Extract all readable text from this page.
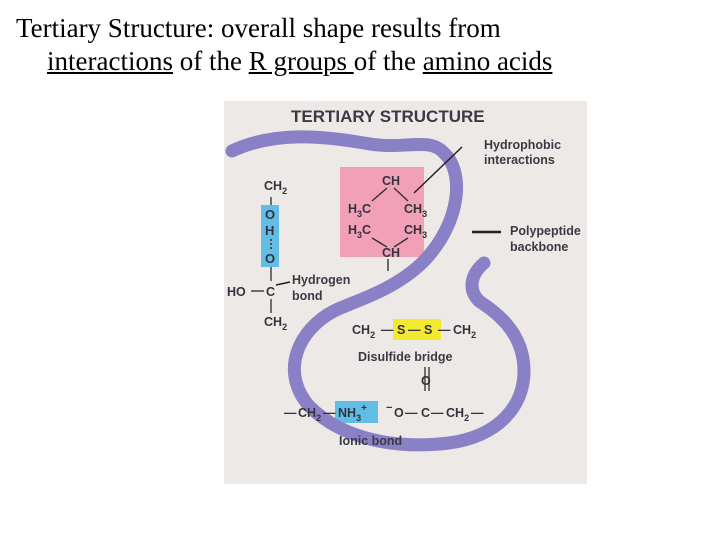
Tertiary Structure: overall shape results from
interactions of the R groups of the amino acids
TERTIARY STRUCTURE
Hydrophobic
interactions
Polypeptide
backbone
Hydrogen
bond
Disulfide bridge
Ionic bond
$CH_2$
O
H
O
HO C
$CH_2$
CH
$H_3C$	$CH_3$
$H_3C$	$CH_3$
CH
$CH_2$ — S — S — $CH_2$
O
— $CH_2$ — $NH_3^+ - O$ — C — $CH_2$ —
